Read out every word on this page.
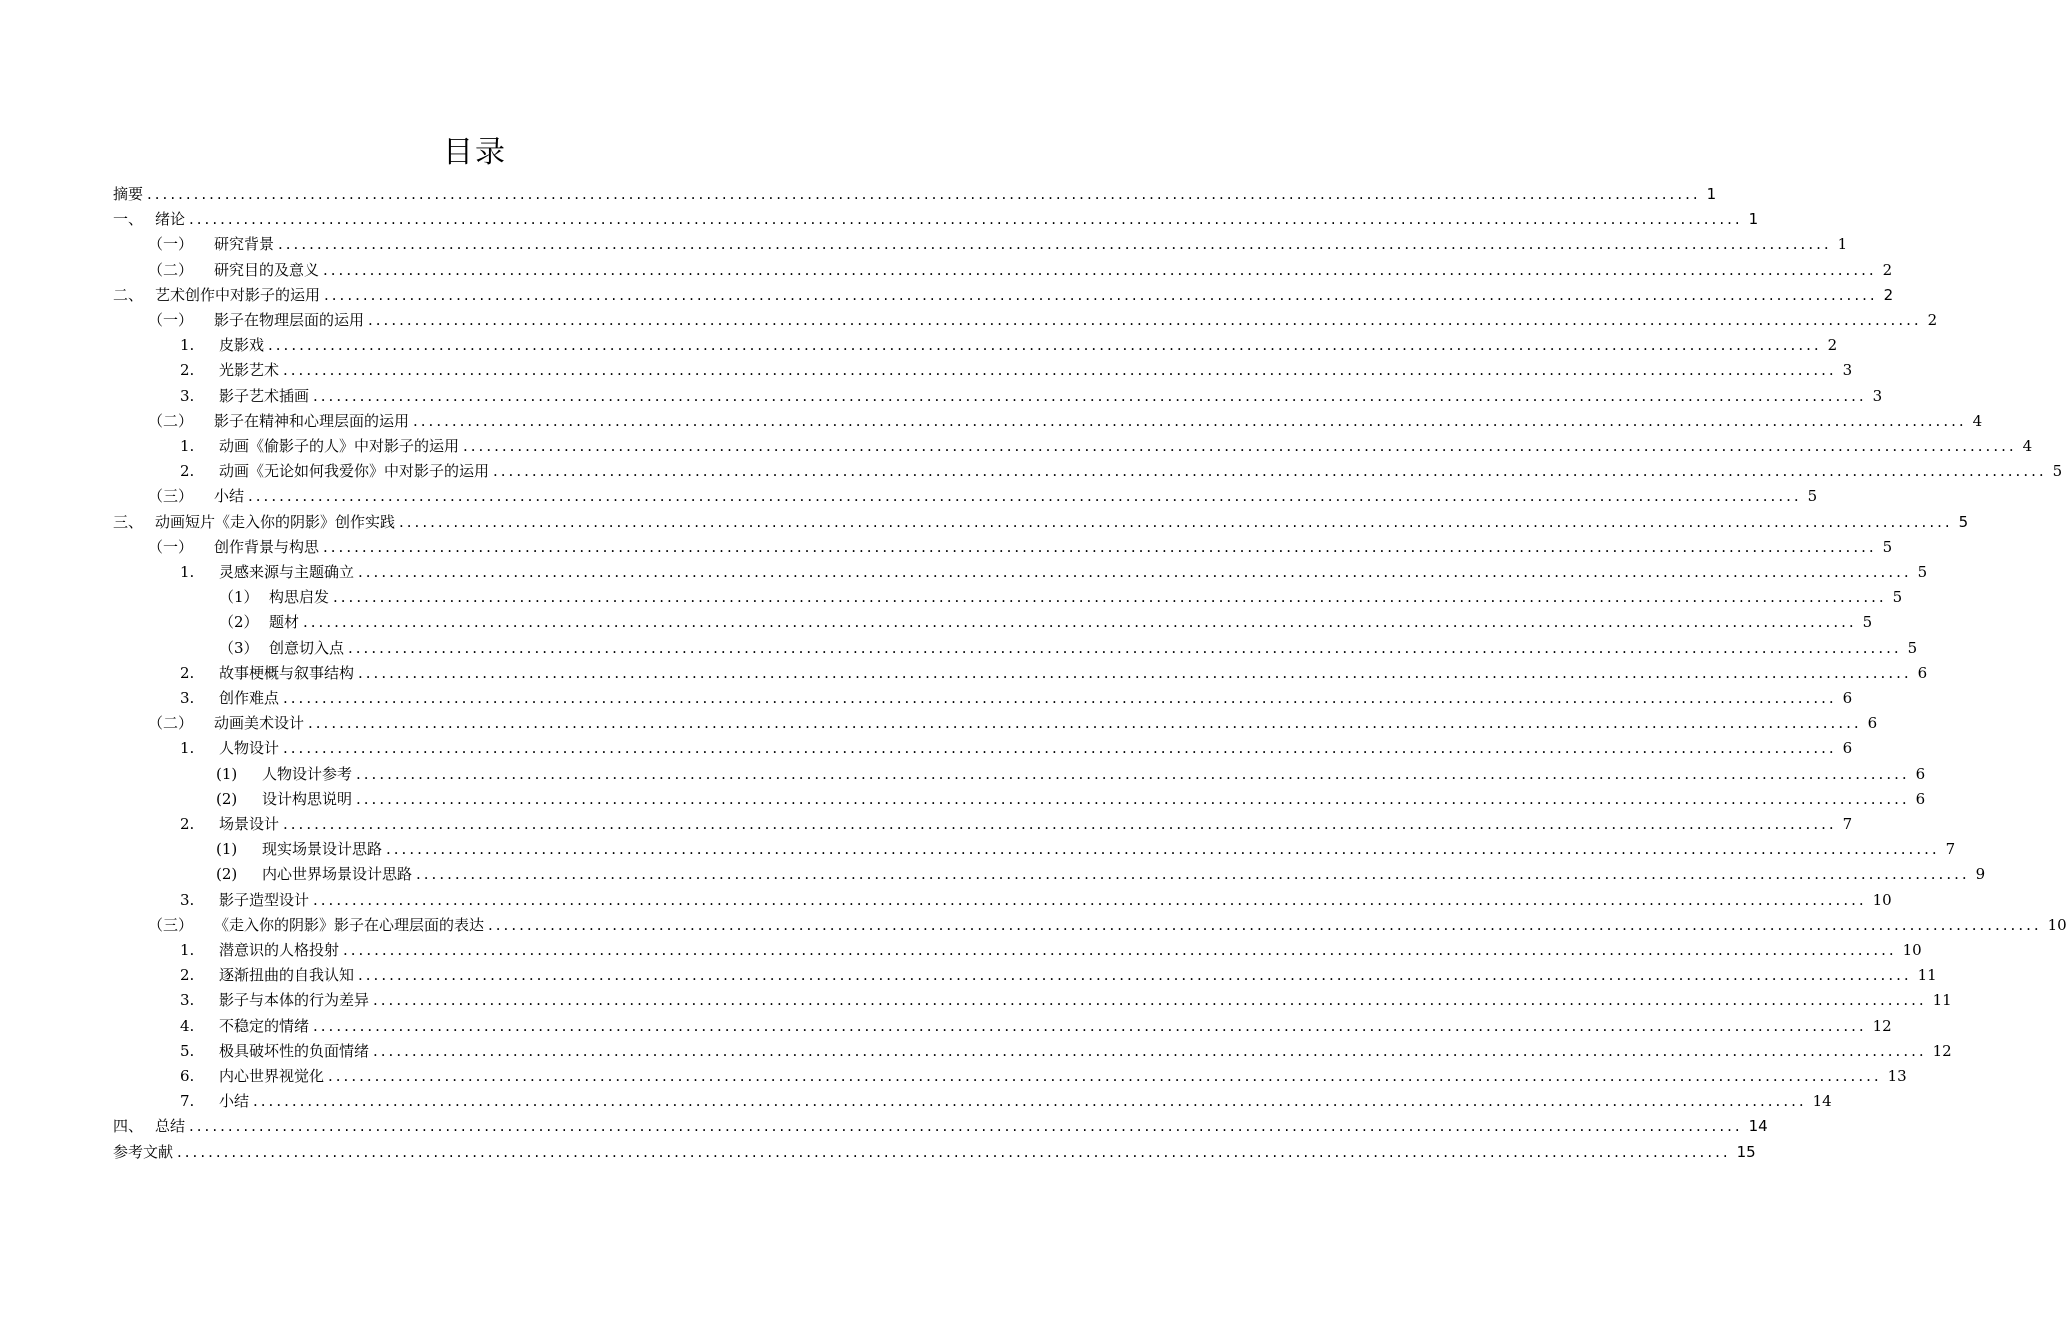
目录
摘要 ........................................................................................................................................................................................................ 1
一、 绪论 ........................................................................................................................................................................................................ 1
（一）	研究背景 ........................................................................................................................................................................................................ 1
（二）	研究目的及意义 ........................................................................................................................................................................................................ 2
二、 艺术创作中对影子的运用 ........................................................................................................................................................................................................ 2
（一）	影子在物理层面的运用 ........................................................................................................................................................................................................ 2
1.	皮影戏 ........................................................................................................................................................................................................ 2
2.	光影艺术 ........................................................................................................................................................................................................ 3
3.	影子艺术插画 ........................................................................................................................................................................................................ 3
（二）	影子在精神和心理层面的运用 ........................................................................................................................................................................................................ 4
1.	动画《偷影子的人》中对影子的运用 ........................................................................................................................................................................................................ 4
2.	动画《无论如何我爱你》中对影子的运用 ........................................................................................................................................................................................................ 5
（三）	小结 ........................................................................................................................................................................................................ 5
三、 动画短片《走入你的阴影》创作实践 ........................................................................................................................................................................................................ 5
（一）	创作背景与构思 ........................................................................................................................................................................................................ 5
1.	灵感来源与主题确立 ........................................................................................................................................................................................................ 5
（1） 构思启发 ........................................................................................................................................................................................................ 5
（2） 题材 ........................................................................................................................................................................................................ 5
（3） 创意切入点 ........................................................................................................................................................................................................ 5
2.	故事梗概与叙事结构 ........................................................................................................................................................................................................ 6
3.	创作难点 ........................................................................................................................................................................................................ 6
（二）	动画美术设计 ........................................................................................................................................................................................................ 6
1.	人物设计 ........................................................................................................................................................................................................ 6
(1)	人物设计参考 ........................................................................................................................................................................................................ 6
(2)	设计构思说明 ........................................................................................................................................................................................................ 6
2.	场景设计 ........................................................................................................................................................................................................ 7
(1)	现实场景设计思路 ........................................................................................................................................................................................................ 7
(2)	内心世界场景设计思路 ........................................................................................................................................................................................................ 9
3.	影子造型设计 ........................................................................................................................................................................................................ 10
（三）	《走入你的阴影》影子在心理层面的表达 ........................................................................................................................................................................................................ 10
1.	潜意识的人格投射 ........................................................................................................................................................................................................ 10
2.	逐渐扭曲的自我认知 ........................................................................................................................................................................................................ 11
3.	影子与本体的行为差异 ........................................................................................................................................................................................................ 11
4.	不稳定的情绪 ........................................................................................................................................................................................................ 12
5.	极具破坏性的负面情绪 ........................................................................................................................................................................................................ 12
6.	内心世界视觉化 ........................................................................................................................................................................................................ 13
7.	小结 ........................................................................................................................................................................................................ 14
四、 总结 ........................................................................................................................................................................................................ 14
参考文献 ........................................................................................................................................................................................................ 15
